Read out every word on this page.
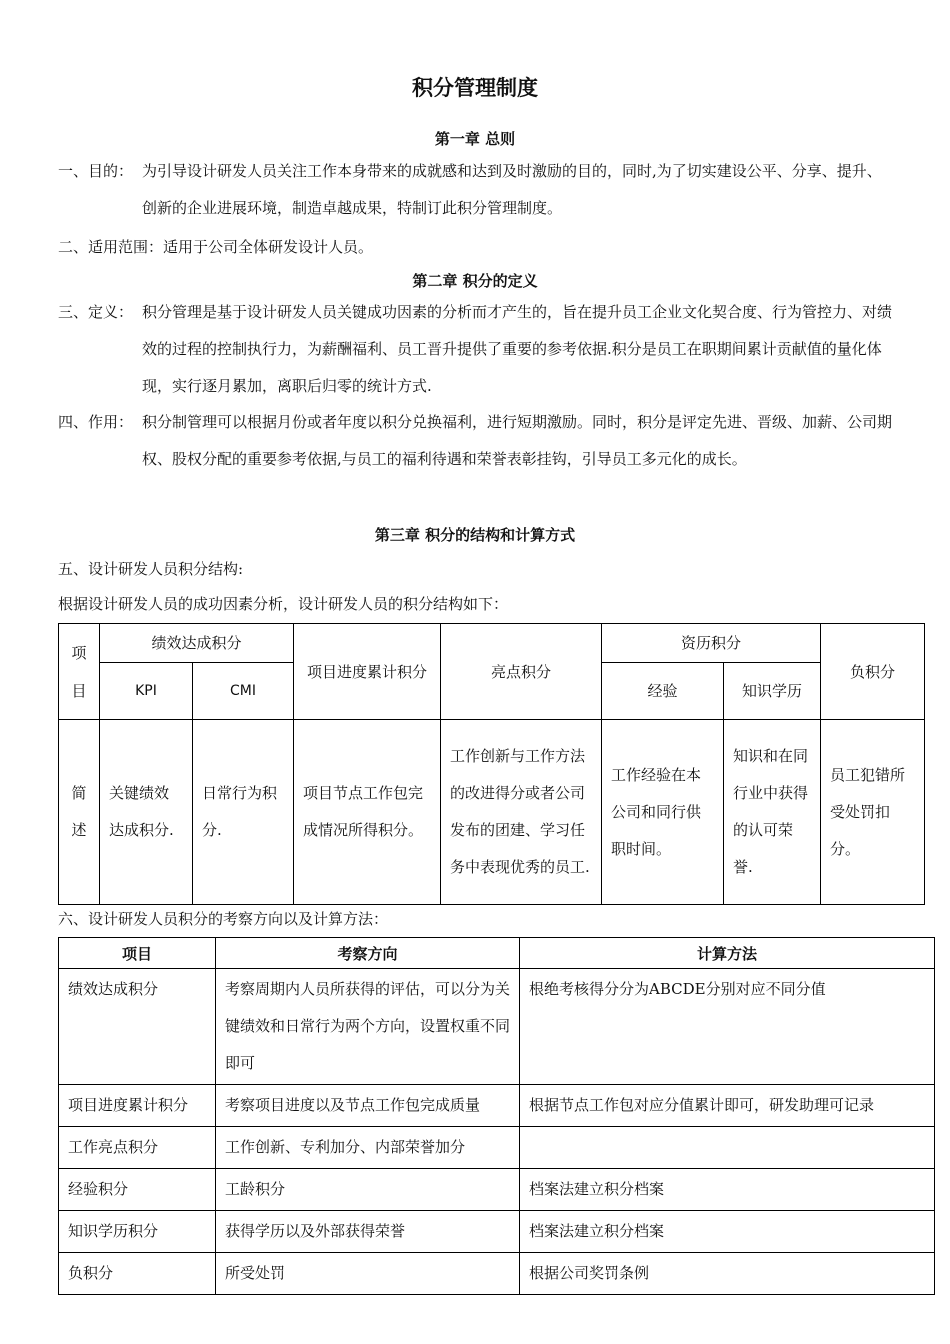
积分管理制度
第一章 总则
一、目的： 为引导设计研发人员关注工作本身带来的成就感和达到及时激励的目的，同时,为了切实建设公平、分享、提升、创新的企业进展环境，制造卓越成果，特制订此积分管理制度。
二、适用范围：适用于公司全体研发设计人员。
第二章 积分的定义
三、定义： 积分管理是基于设计研发人员关键成功因素的分析而才产生的，旨在提升员工企业文化契合度、行为管控力、对绩效的过程的控制执行力，为薪酬福利、员工晋升提供了重要的参考依据.积分是员工在职期间累计贡献值的量化体现，实行逐月累加，离职后归零的统计方式.
四、作用： 积分制管理可以根据月份或者年度以积分兑换福利，进行短期激励。同时，积分是评定先进、晋级、加薪、公司期权、股权分配的重要参考依据,与员工的福利待遇和荣誉表彰挂钩，引导员工多元化的成长。
第三章 积分的结构和计算方式
五、设计研发人员积分结构:
根据设计研发人员的成功因素分析，设计研发人员的积分结构如下：
项目	绩效达成积分		项目进度累计积分	亮点积分	资历积分		负积分
	KPI	CMI			经验	知识学历	
简述	关键绩效达成积分.	日常行为积分.	项目节点工作包完成情况所得积分。	工作创新与工作方法的改进得分或者公司发布的团建、学习任务中表现优秀的员工.	工作经验在本公司和同行供职时间。	知识和在同行业中获得的认可荣誉.	员工犯错所受处罚扣分。
六、设计研发人员积分的考察方向以及计算方法：
项目	考察方向	计算方法
绩效达成积分	考察周期内人员所获得的评估，可以分为关键绩效和日常行为两个方向，设置权重不同即可	根绝考核得分分为ABCDE分别对应不同分值
项目进度累计积分	考察项目进度以及节点工作包完成质量	根据节点工作包对应分值累计即可，研发助理可记录
工作亮点积分	工作创新、专利加分、内部荣誉加分	
经验积分	工龄积分	档案法建立积分档案
知识学历积分	获得学历以及外部获得荣誉	档案法建立积分档案
负积分	所受处罚	根据公司奖罚条例
